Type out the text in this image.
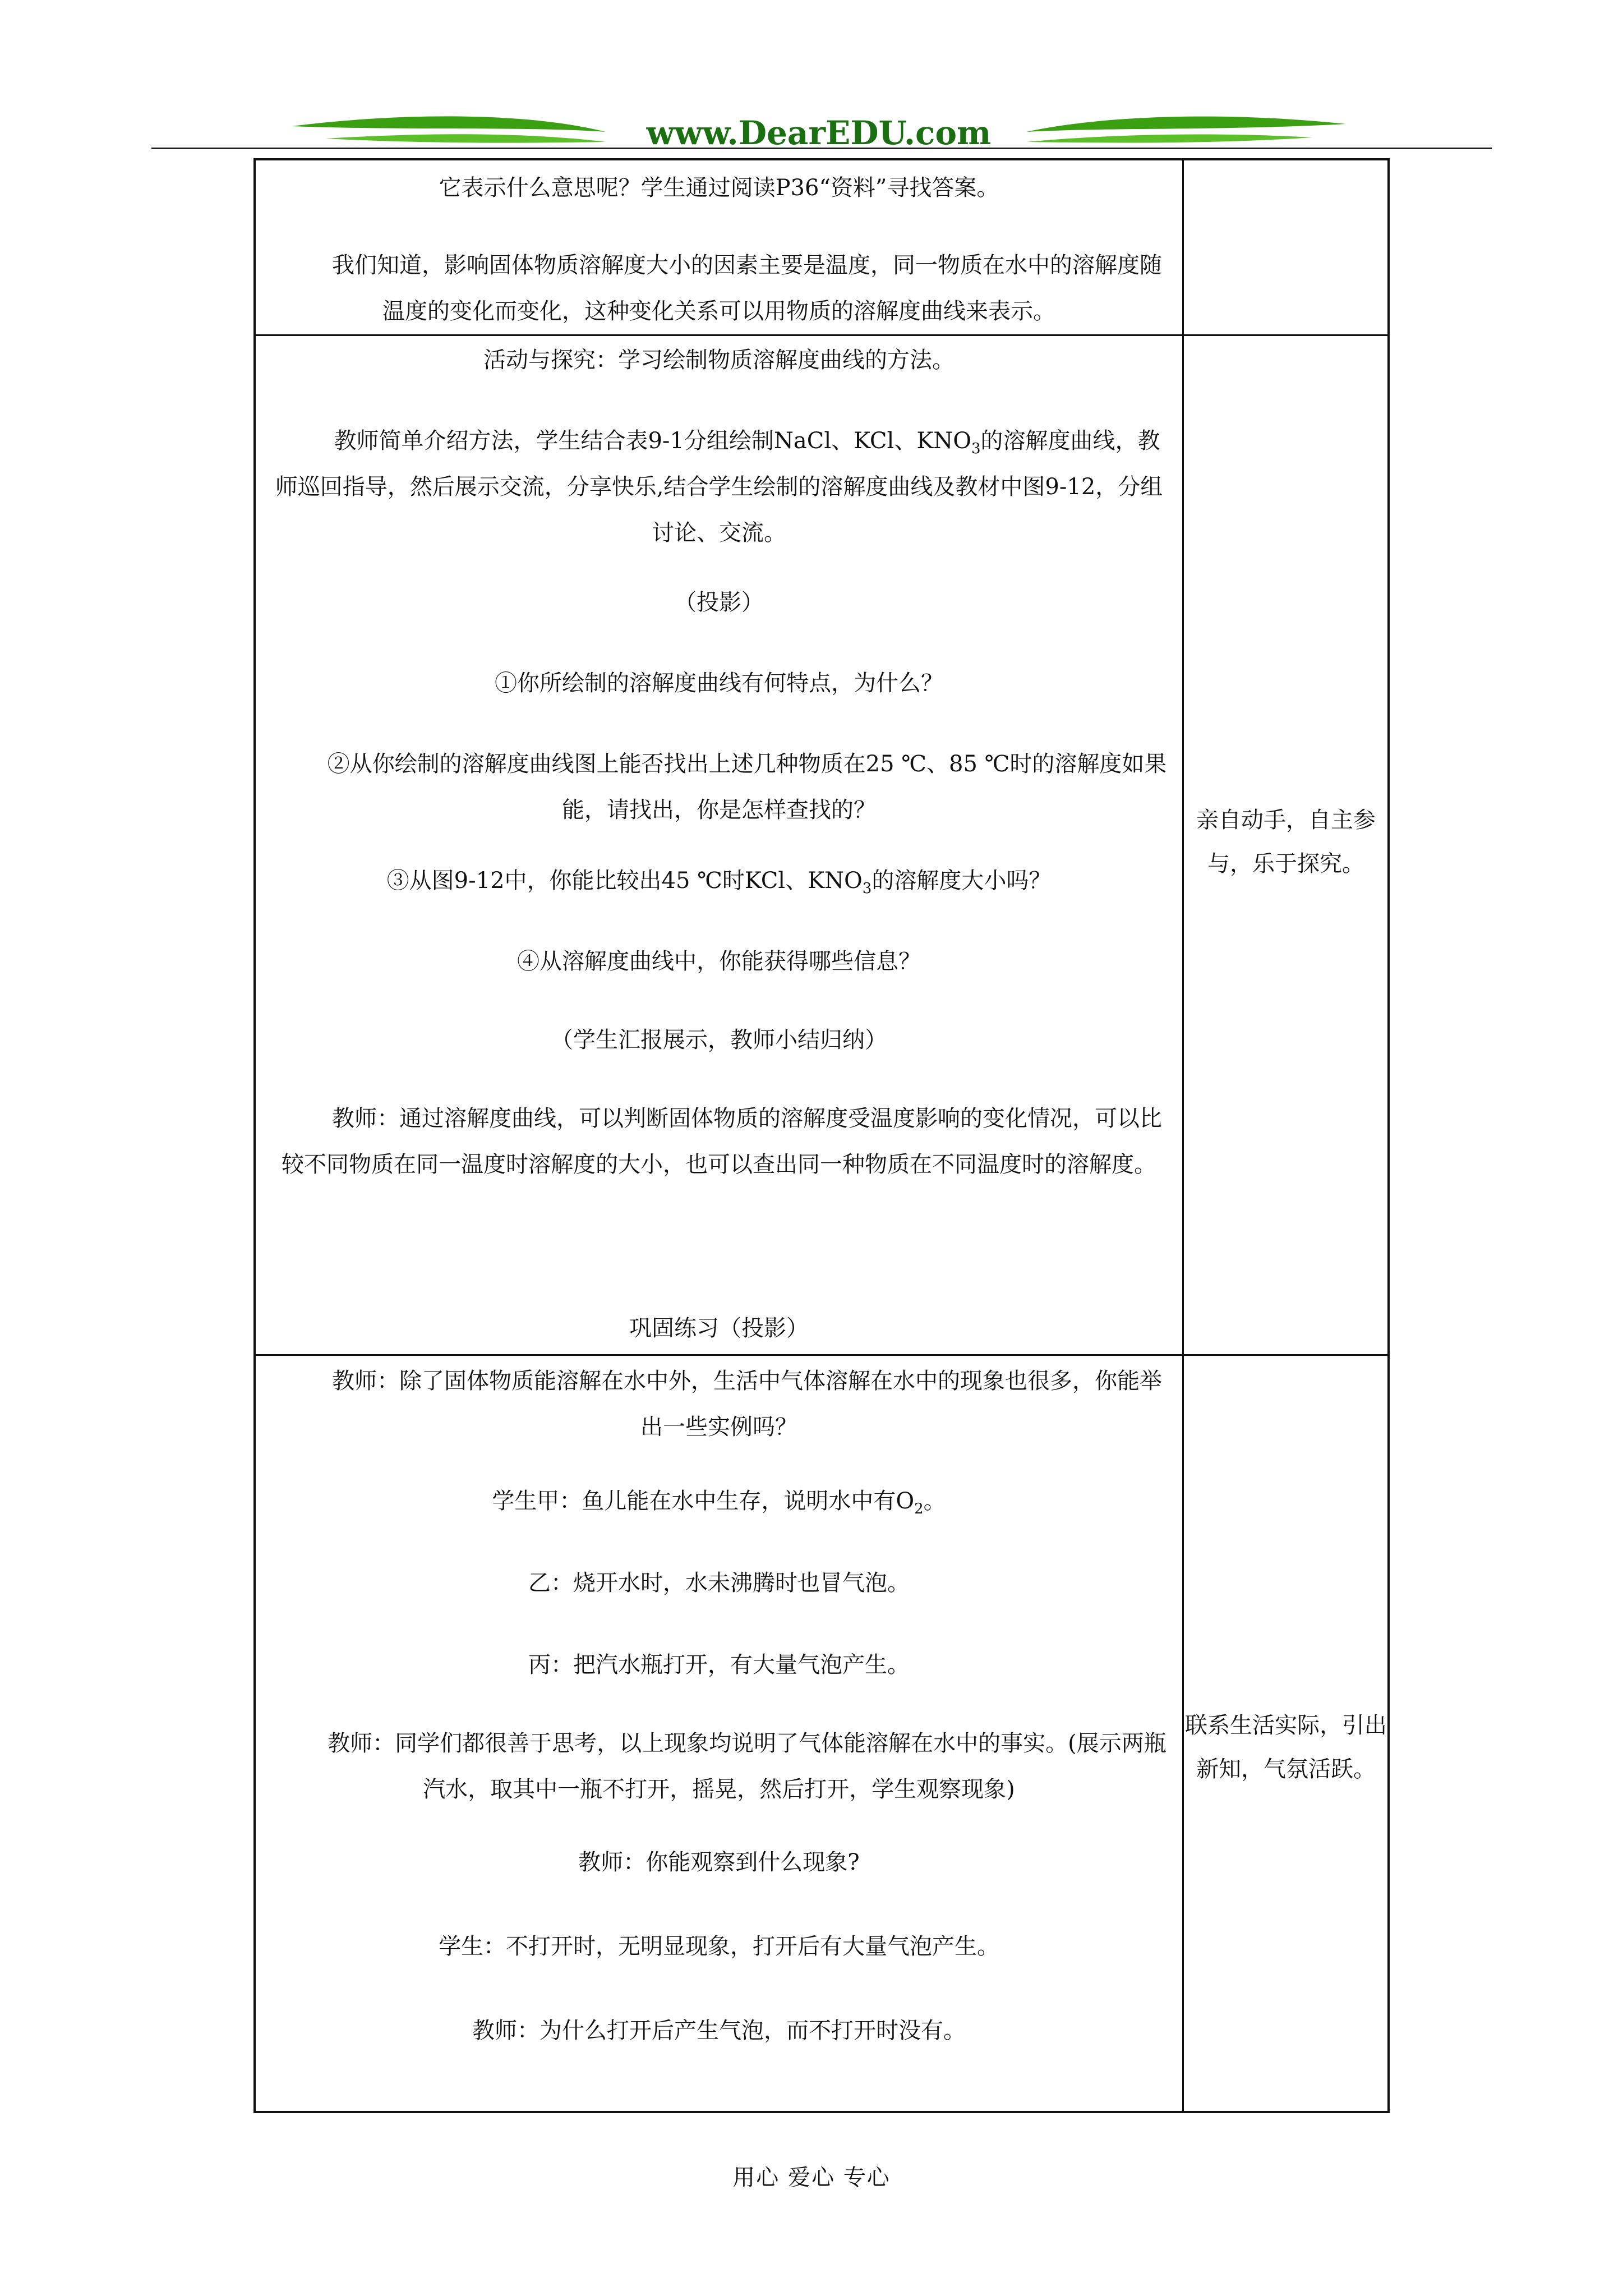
www.DearEDU.com

它表示什么意思呢？学生通过阅读P36“资料”寻找答案。

我们知道，影响固体物质溶解度大小的因素主要是温度，同一物质在水中的溶解度随温度的变化而变化，这种变化关系可以用物质的溶解度曲线来表示。

活动与探究：学习绘制物质溶解度曲线的方法。

教师简单介绍方法，学生结合表9-1分组绘制NaCl、KCl、$KNO_3$的溶解度曲线，教师巡回指导，然后展示交流，分享快乐,结合学生绘制的溶解度曲线及教材中图9-12，分组讨论、交流。

（投影）

①你所绘制的溶解度曲线有何特点，为什么？

②从你绘制的溶解度曲线图上能否找出上述几种物质在25 ℃、85 ℃时的溶解度如果能，请找出，你是怎样查找的？

③从图9-12中，你能比较出45 ℃时KCl、$KNO_3$的溶解度大小吗？

④从溶解度曲线中，你能获得哪些信息？

（学生汇报展示，教师小结归纳）

教师：通过溶解度曲线，可以判断固体物质的溶解度受温度影响的变化情况，可以比较不同物质在同一温度时溶解度的大小，也可以查出同一种物质在不同温度时的溶解度。

巩固练习（投影）

亲自动手，自主参与，乐于探究。

教师：除了固体物质能溶解在水中外，生活中气体溶解在水中的现象也很多，你能举出一些实例吗？

学生甲：鱼儿能在水中生存，说明水中有$O_2$。

乙：烧开水时，水未沸腾时也冒气泡。

丙：把汽水瓶打开，有大量气泡产生。

教师：同学们都很善于思考，以上现象均说明了气体能溶解在水中的事实。(展示两瓶汽水，取其中一瓶不打开，摇晃，然后打开，学生观察现象)

教师：你能观察到什么现象?

学生：不打开时，无明显现象，打开后有大量气泡产生。

教师：为什么打开后产生气泡，而不打开时没有。

联系生活实际，引出新知，气氛活跃。

用心 爱心 专心
